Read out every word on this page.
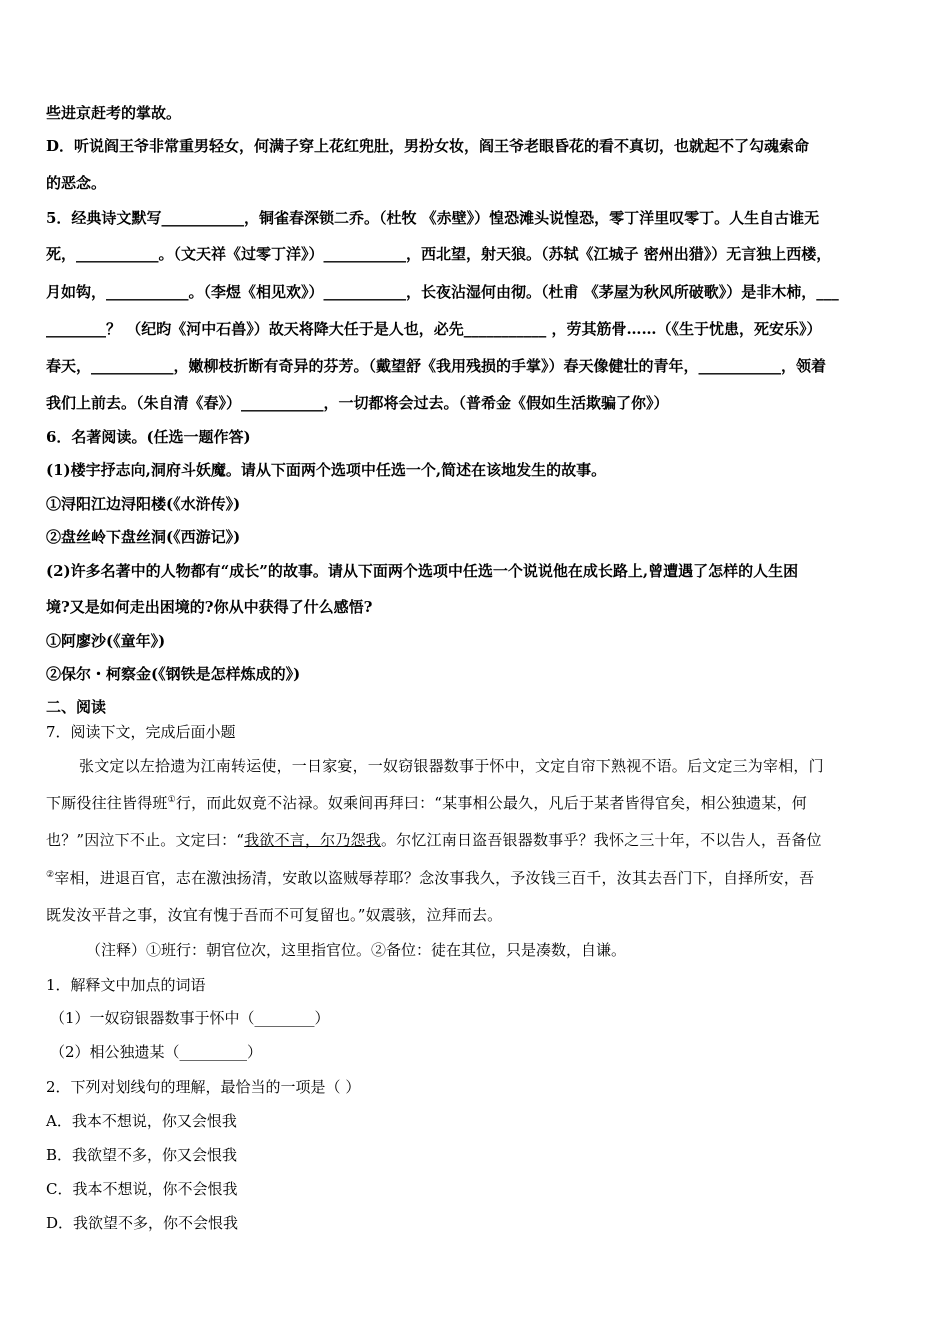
些进京赶考的掌故。
D．听说阎王爷非常重男轻女，何满子穿上花红兜肚，男扮女妆，阎王爷老眼昏花的看不真切，也就起不了勾魂索命
的恶念。
5．经典诗文默写___________，铜雀春深锁二乔。（杜牧 《赤壁》）惶恐滩头说惶恐，零丁洋里叹零丁。人生自古谁无
死，___________。（文天祥《过零丁洋》）___________，西北望，射天狼。（苏轼《江城子 密州出猎》）无言独上西楼，
月如钩，___________。（李煜《相见欢》）___________，长夜沾湿何由彻。（杜甫 《茅屋为秋风所破歌》）是非木柿，___
________？ （纪昀《河中石兽》）故天将降大任于是人也，必先___________ ，劳其筋骨……（《生于忧患，死安乐》）
春天，___________，嫩柳枝折断有奇异的芬芳。（戴望舒《我用残损的手掌》）春天像健壮的青年，___________，领着
我们上前去。（朱自清《春》）___________，一切都将会过去。（普希金《假如生活欺骗了你》）
6．名著阅读。(任选一题作答)
(1)楼宇抒志向,洞府斗妖魔。请从下面两个选项中任选一个,简述在该地发生的故事。
①浔阳江边浔阳楼(《水浒传》)
②盘丝岭下盘丝洞(《西游记》)
(2)许多名著中的人物都有“成长”的故事。请从下面两个选项中任选一个说说他在成长路上,曾遭遇了怎样的人生困
境?又是如何走出困境的?你从中获得了什么感悟?
①阿廖沙(《童年》)
②保尔・柯察金(《钢铁是怎样炼成的》)
二、阅读
7．阅读下文，完成后面小题
张文定以左拾遗为江南转运使，一日家宴，一奴窃银器数事于怀中，文定自帘下熟视不语。后文定三为宰相，门
下厮役往往皆得班①行，而此奴竟不沾禄。奴乘间再拜曰：“某事相公最久，凡后于某者皆得官矣，相公独遗某，何
也？”因泣下不止。文定曰：“我欲不言，尔乃怨我。尔忆江南日盗吾银器数事乎？我怀之三十年，不以告人，吾备位
②宰相，进退百官，志在激浊扬清，安敢以盗贼辱荐耶？念汝事我久，予汝钱三百千，汝其去吾门下，自择所安，吾
既发汝平昔之事，汝宜有愧于吾而不可复留也。”奴震骇，泣拜而去。
（注释）①班行：朝官位次，这里指官位。②备位：徒在其位，只是凑数，自谦。
1．解释文中加点的词语
（1）一奴窃银器数事于怀中（________）
（2）相公独遗某（_________）
2．下列对划线句的理解，最恰当的一项是（ ）
A．我本不想说，你又会恨我
B．我欲望不多，你又会恨我
C．我本不想说，你不会恨我
D．我欲望不多，你不会恨我
